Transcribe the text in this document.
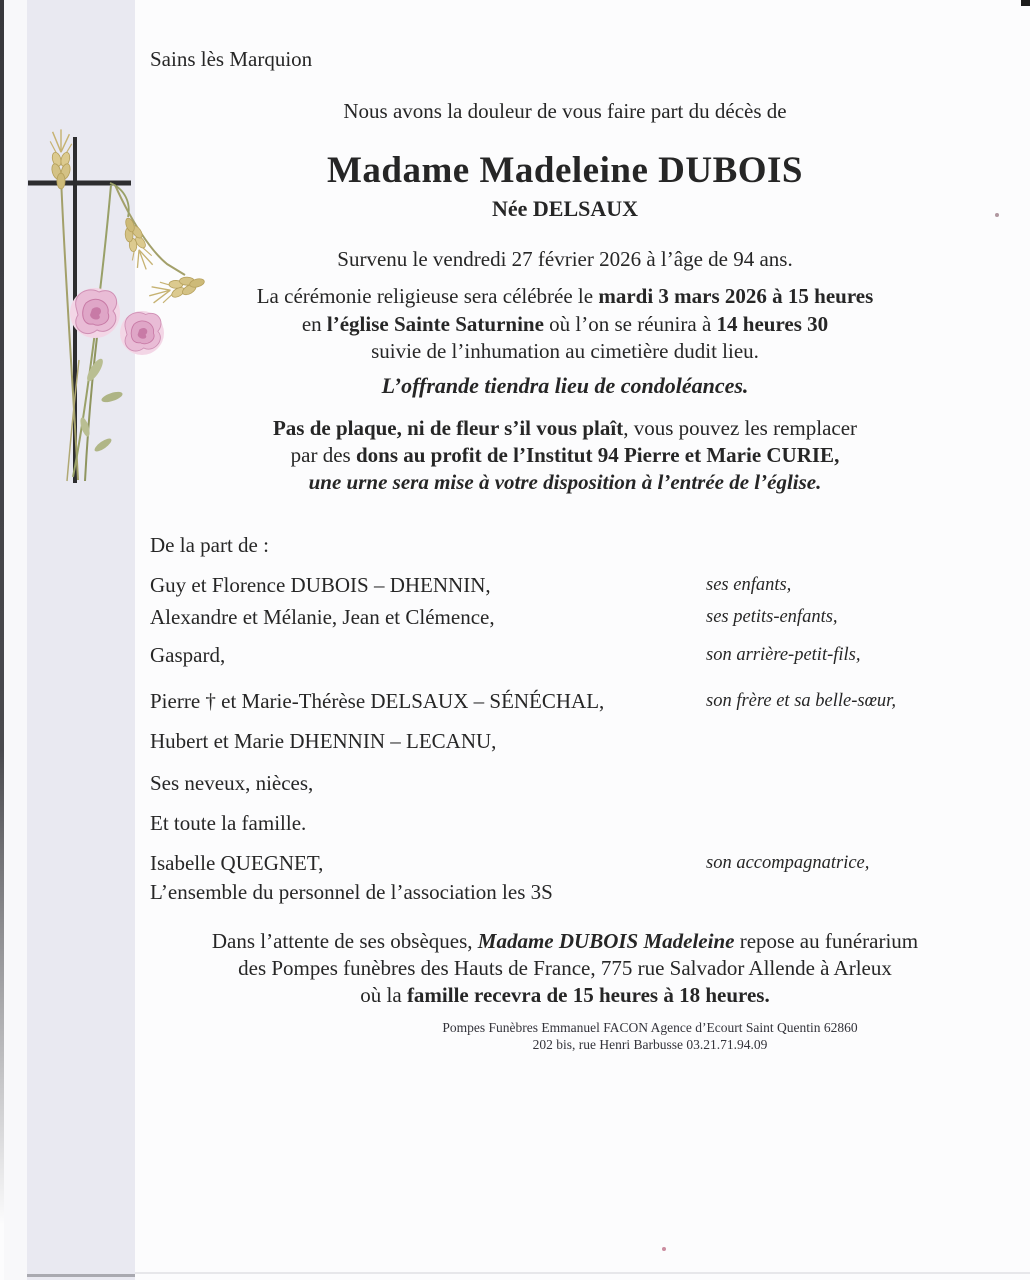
Sains lès Marquion
Nous avons la douleur de vous faire part du décès de
Madame Madeleine DUBOIS
Née DELSAUX
Survenu le vendredi 27 février 2026 à l’âge de 94 ans.
La cérémonie religieuse sera célébrée le mardi 3 mars 2026 à 15 heures
en l’église Sainte Saturnine où l’on se réunira à 14 heures 30
suivie de l’inhumation au cimetière dudit lieu.
L’offrande tiendra lieu de condoléances.
Pas de plaque, ni de fleur s’il vous plaît, vous pouvez les remplacer
par des dons au profit de l’Institut 94 Pierre et Marie CURIE,
une urne sera mise à votre disposition à l’entrée de l’église.
De la part de :
Guy et Florence DUBOIS – DHENNIN,	ses enfants,
Alexandre et Mélanie, Jean et Clémence,	ses petits-enfants,
Gaspard,	son arrière-petit-fils,
Pierre † et Marie-Thérèse DELSAUX – SÉNÉCHAL,	son frère et sa belle-sœur,
Hubert et Marie DHENNIN – LECANU,
Ses neveux, nièces,
Et toute la famille.
Isabelle QUEGNET,	son accompagnatrice,
L’ensemble du personnel de l’association les 3S
Dans l’attente de ses obsèques, Madame DUBOIS Madeleine repose au funérarium
des Pompes funèbres des Hauts de France, 775 rue Salvador Allende à Arleux
où la famille recevra de 15 heures à 18 heures.
Pompes Funèbres Emmanuel FACON Agence d’Ecourt Saint Quentin 62860
202 bis, rue Henri Barbusse 03.21.71.94.09
